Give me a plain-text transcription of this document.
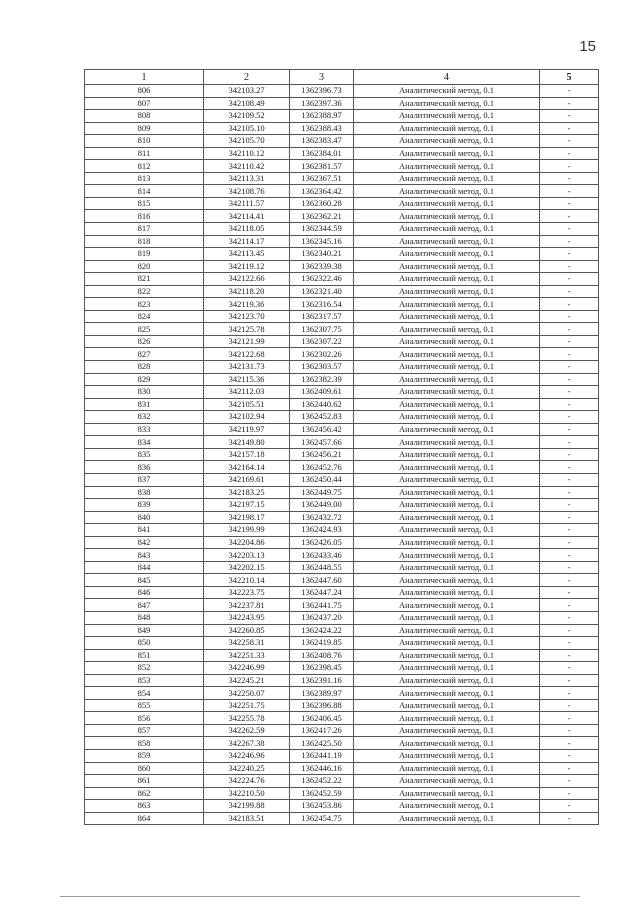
15
1	2	3	4	5
806	342103.27	1362396.73	Аналитический метод, 0.1	-
807	342108.49	1362397.36	Аналитический метод, 0.1	-
808	342109.52	1362388.97	Аналитический метод, 0.1	-
809	342105.10	1362388.43	Аналитический метод, 0.1	-
810	342105.70	1362383.47	Аналитический метод, 0.1	-
811	342110.12	1362384.01	Аналитический метод, 0.1	-
812	342110.42	1362381.57	Аналитический метод, 0.1	-
813	342113.31	1362367.51	Аналитический метод, 0.1	-
814	342108.76	1362364.42	Аналитический метод, 0.1	-
815	342111.57	1362360.28	Аналитический метод, 0.1	-
816	342114.41	1362362.21	Аналитический метод, 0.1	-
817	342118.05	1362344.59	Аналитический метод, 0.1	-
818	342114.17	1362345.16	Аналитический метод, 0.1	-
819	342113.45	1362340.21	Аналитический метод, 0.1	-
820	342119.12	1362339.38	Аналитический метод, 0.1	-
821	342122.66	1362322.46	Аналитический метод, 0.1	-
822	342118.20	1362321.40	Аналитический метод, 0.1	-
823	342119.36	1362316.54	Аналитический метод, 0.1	-
824	342123.70	1362317.57	Аналитический метод, 0.1	-
825	342125.78	1362307.75	Аналитический метод, 0.1	-
826	342121.99	1362307.22	Аналитический метод, 0.1	-
827	342122.68	1362302.26	Аналитический метод, 0.1	-
828	342131.73	1362303.57	Аналитический метод, 0.1	-
829	342115.36	1362382.39	Аналитический метод, 0.1	-
830	342112.03	1362409.61	Аналитический метод, 0.1	-
831	342105.51	1362440.62	Аналитический метод, 0.1	-
832	342102.94	1362452.83	Аналитический метод, 0.1	-
833	342119.97	1362456.42	Аналитический метод, 0.1	-
834	342149.80	1362457.66	Аналитический метод, 0.1	-
835	342157.18	1362456.21	Аналитический метод, 0.1	-
836	342164.14	1362452.76	Аналитический метод, 0.1	-
837	342169.61	1362450.44	Аналитический метод, 0.1	-
838	342183.25	1362449.75	Аналитический метод, 0.1	-
839	342197.15	1362449.00	Аналитический метод, 0.1	-
840	342198.17	1362432.72	Аналитический метод, 0.1	-
841	342199.99	1362424.93	Аналитический метод, 0.1	-
842	342204.86	1362426.05	Аналитический метод, 0.1	-
843	342203.13	1362433.46	Аналитический метод, 0.1	-
844	342202.15	1362448.55	Аналитический метод, 0.1	-
845	342210.14	1362447.60	Аналитический метод, 0.1	-
846	342223.75	1362447.24	Аналитический метод, 0.1	-
847	342237.81	1362441.75	Аналитический метод, 0.1	-
848	342243.95	1362437.20	Аналитический метод, 0.1	-
849	342260.85	1362424.22	Аналитический метод, 0.1	-
850	342258.31	1362419.85	Аналитический метод, 0.1	-
851	342251.33	1362408.76	Аналитический метод, 0.1	-
852	342246.99	1362398.45	Аналитический метод, 0.1	-
853	342245.21	1362391.16	Аналитический метод, 0.1	-
854	342250.07	1362389.97	Аналитический метод, 0.1	-
855	342251.75	1362396.88	Аналитический метод, 0.1	-
856	342255.78	1362406.45	Аналитический метод, 0.1	-
857	342262.59	1362417.26	Аналитический метод, 0.1	-
858	342267.38	1362425.50	Аналитический метод, 0.1	-
859	342246.96	1362441.19	Аналитический метод, 0.1	-
860	342240.25	1362446.16	Аналитический метод, 0.1	-
861	342224.76	1362452.22	Аналитический метод, 0.1	-
862	342210.50	1362452.59	Аналитический метод, 0.1	-
863	342199.88	1362453.86	Аналитический метод, 0.1	-
864	342183.51	1362454.75	Аналитический метод, 0.1	-
